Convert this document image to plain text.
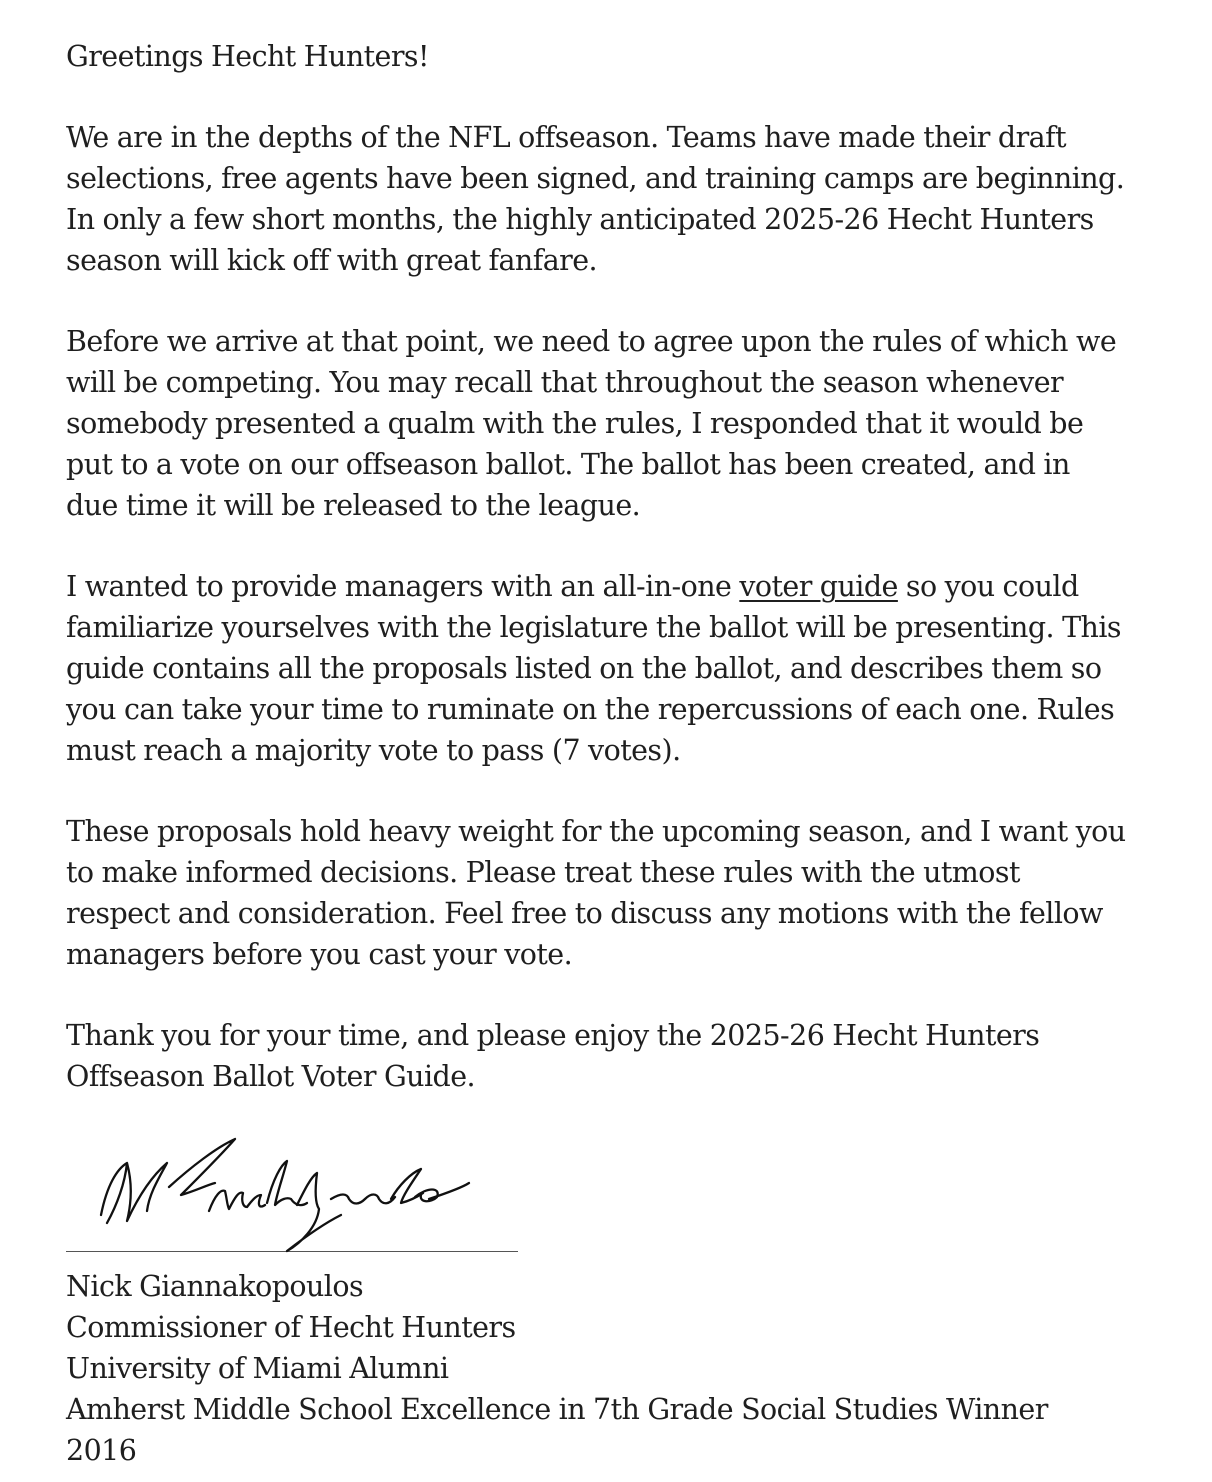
Greetings Hecht Hunters!

We are in the depths of the NFL offseason. Teams have made their draft selections, free agents have been signed, and training camps are beginning. In only a few short months, the highly anticipated 2025-26 Hecht Hunters season will kick off with great fanfare.

Before we arrive at that point, we need to agree upon the rules of which we will be competing. You may recall that throughout the season whenever somebody presented a qualm with the rules, I responded that it would be put to a vote on our offseason ballot. The ballot has been created, and in due time it will be released to the league.

I wanted to provide managers with an all-in-one voter guide so you could familiarize yourselves with the legislature the ballot will be presenting. This guide contains all the proposals listed on the ballot, and describes them so you can take your time to ruminate on the repercussions of each one. Rules must reach a majority vote to pass (7 votes).

These proposals hold heavy weight for the upcoming season, and I want you to make informed decisions. Please treat these rules with the utmost respect and consideration. Feel free to discuss any motions with the fellow managers before you cast your vote.

Thank you for your time, and please enjoy the 2025-26 Hecht Hunters Offseason Ballot Voter Guide.

Nick Giannakopoulos

Commissioner of Hecht Hunters

University of Miami Alumni

Amherst Middle School Excellence in 7th Grade Social Studies Winner 2016
